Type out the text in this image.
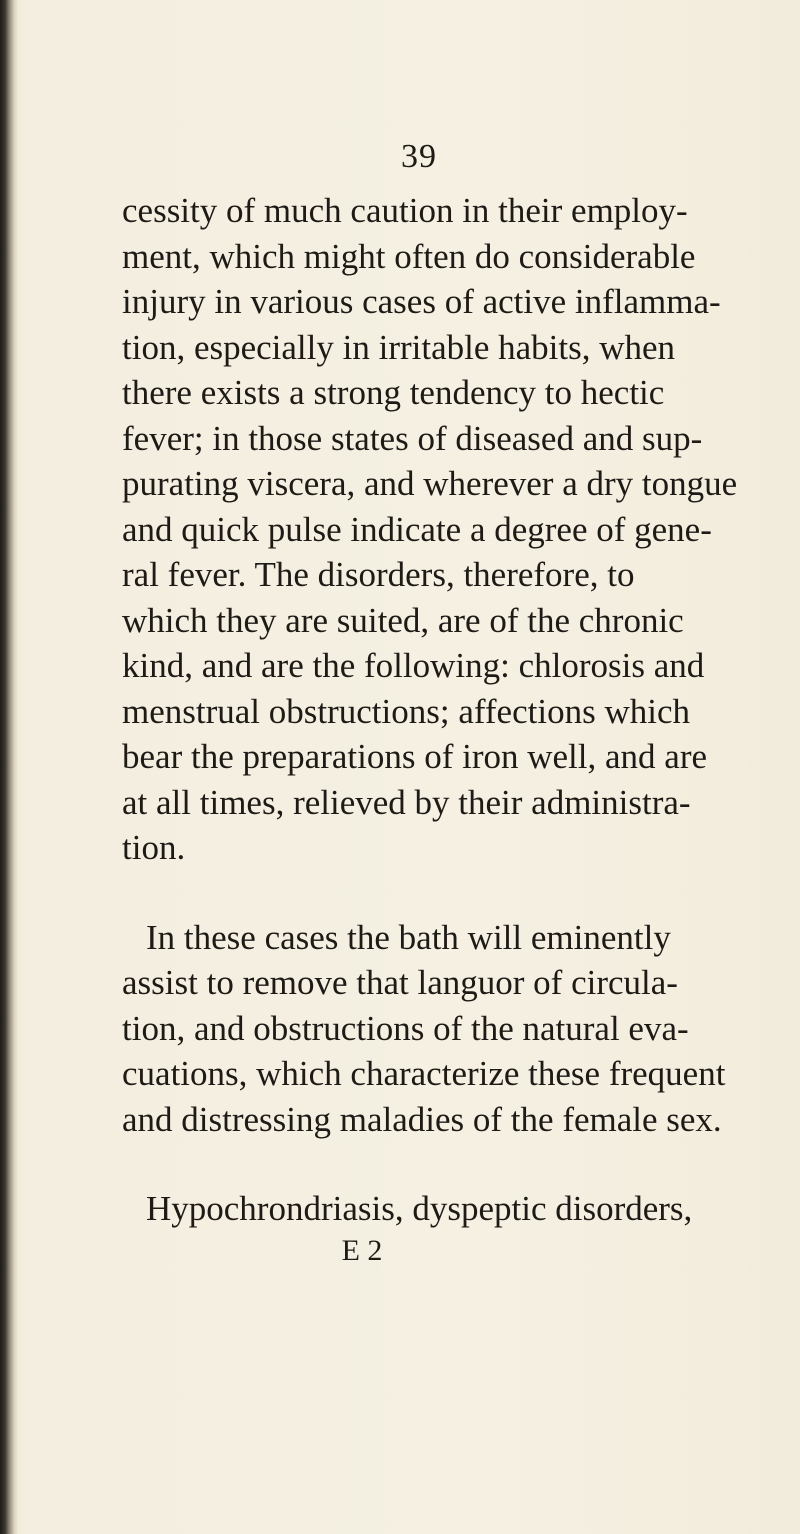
39
cessity of much caution in their employ-
ment, which might often do considerable
injury in various cases of active inflamma-
tion, especially in irritable habits, when
there exists a strong tendency to hectic
fever; in those states of diseased and sup-
purating viscera, and wherever a dry tongue
and quick pulse indicate a degree of gene-
ral fever. The disorders, therefore, to
which they are suited, are of the chronic
kind, and are the following: chlorosis and
menstrual obstructions; affections which
bear the preparations of iron well, and are
at all times, relieved by their administra-
tion.
In these cases the bath will eminently
assist to remove that languor of circula-
tion, and obstructions of the natural eva-
cuations, which characterize these frequent
and distressing maladies of the female sex.
Hypochrondriasis, dyspeptic disorders,
E 2
